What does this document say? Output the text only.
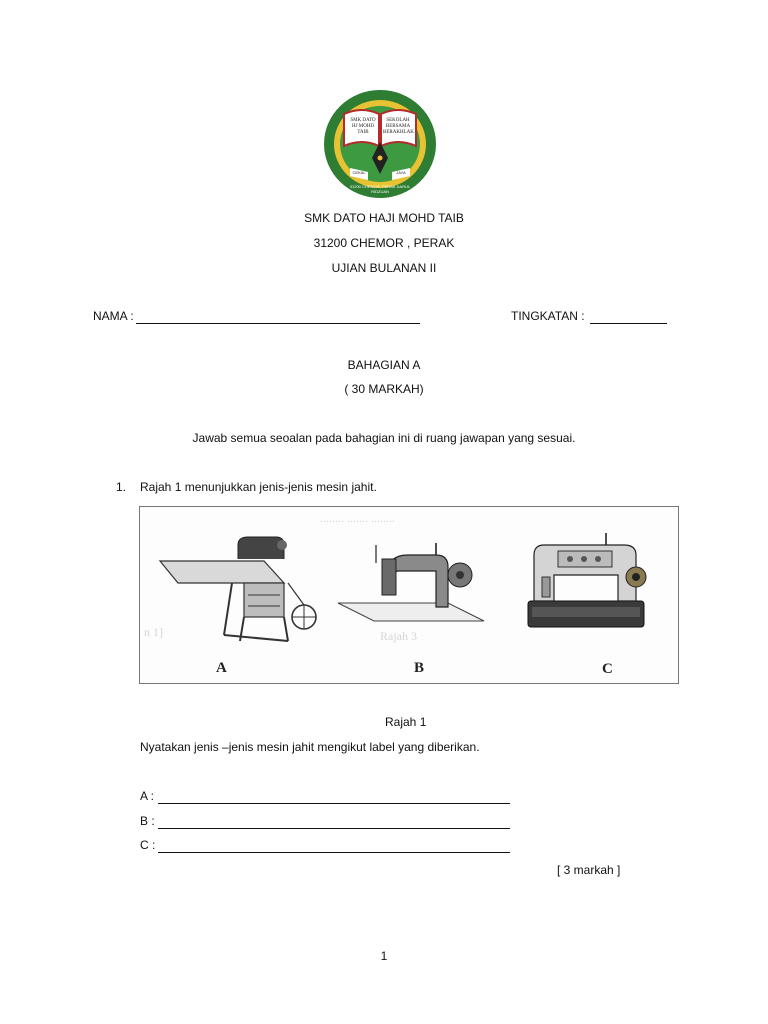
SMK DATO HJ MOHD TAIB
SEKOLAH BERSAMA BERAKHLAK
CEKAL	JAYA
31200 CHEMOR, PERAK DARUL RIDZUAN
SMK DATO HAJI MOHD TAIB
31200 CHEMOR , PERAK
UJIAN BULANAN II
NAMA :	TINGKATAN :
BAHAGIAN A
( 30 MARKAH)
Jawab semua seoalan pada bahagian ini di ruang jawapan yang sesuai.
1. Rajah 1 menunjukkan jenis-jenis mesin jahit.
........ ....... ........
n 1]	Rajah 3
A	B	C
Rajah 1
Nyatakan jenis –jenis mesin jahit mengikut label yang diberikan.
A :
B :
C :
[ 3 markah ]
1
